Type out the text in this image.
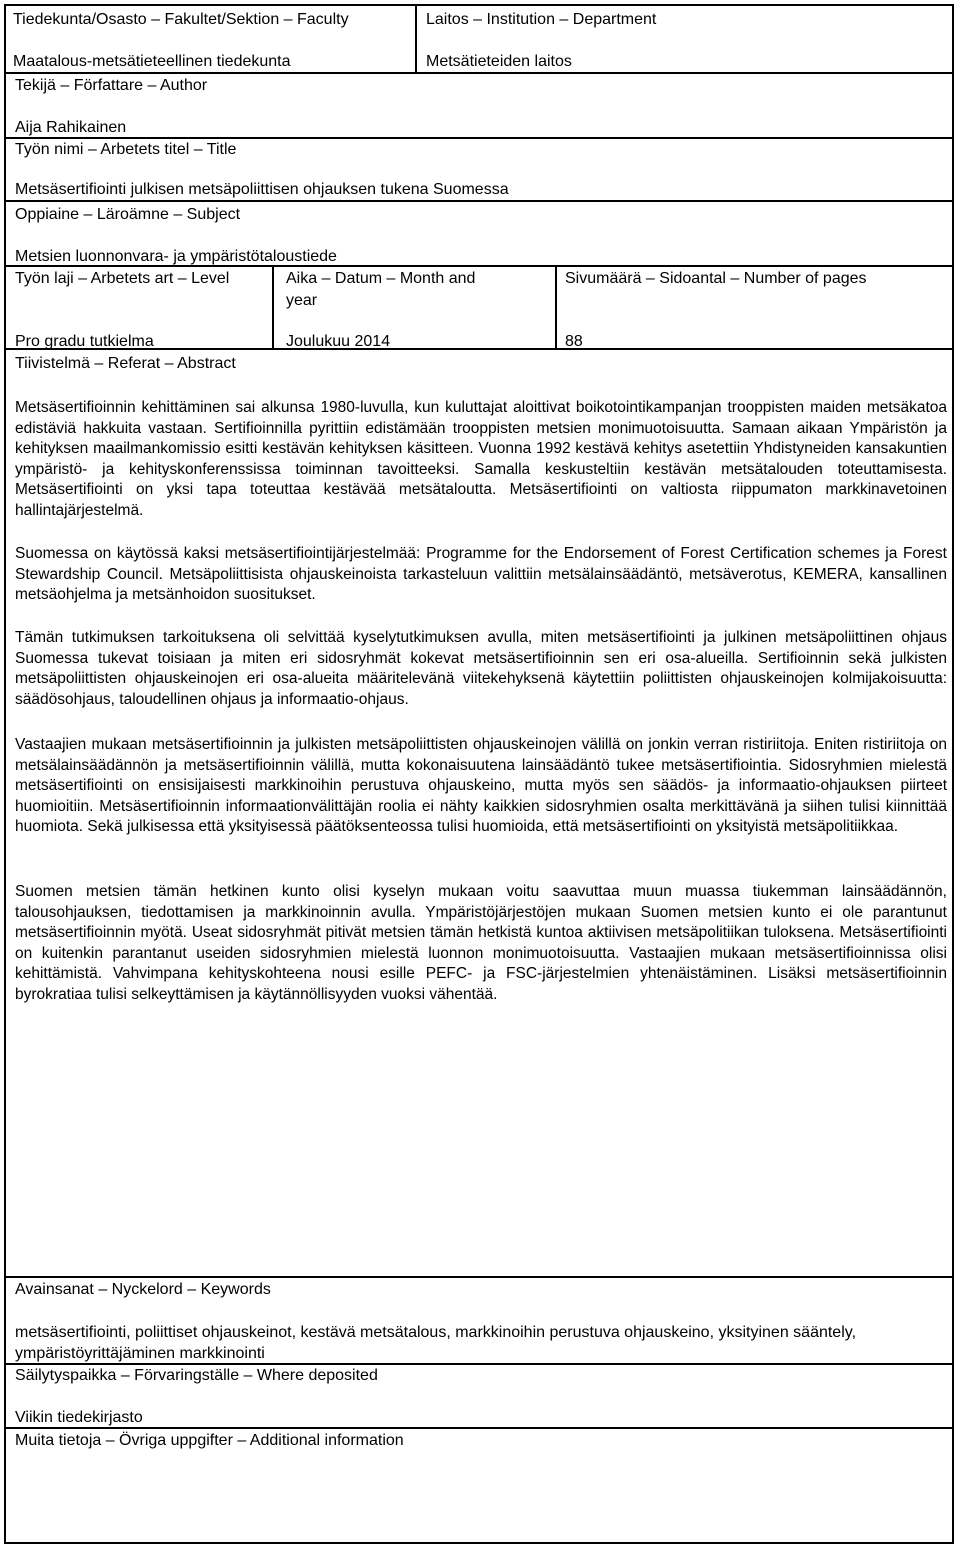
Tiedekunta/Osasto – Fakultet/Sektion – Faculty
Maatalous-metsätieteellinen tiedekunta
Laitos – Institution – Department
Metsätieteiden laitos
Tekijä – Författare – Author
Aija Rahikainen
Työn nimi – Arbetets titel – Title
Metsäsertifiointi julkisen metsäpoliittisen ohjauksen tukena Suomessa
Oppiaine – Läroämne – Subject
Metsien luonnonvara- ja ympäristötaloustiede
Työn laji – Arbetets art – Level
Pro gradu tutkielma
Aika – Datum – Month and
year
Joulukuu 2014
Sivumäärä – Sidoantal – Number of pages
88
Tiivistelmä – Referat – Abstract
Metsäsertifioinnin kehittäminen sai alkunsa 1980-luvulla, kun kuluttajat aloittivat boikotointikampanjan trooppisten maiden metsäkatoa edistäviä hakkuita vastaan. Sertifioinnilla pyrittiin edistämään trooppisten metsien monimuotoisuutta. Samaan aikaan Ympäristön ja kehityksen maailmankomissio esitti kestävän kehityksen käsitteen. Vuonna 1992 kestävä kehitys asetettiin Yhdistyneiden kansakuntien ympäristö- ja kehityskonferenssissa toiminnan tavoitteeksi. Samalla keskusteltiin kestävän metsätalouden toteuttamisesta. Metsäsertifiointi on yksi tapa toteuttaa kestävää metsätaloutta. Metsäsertifiointi on valtiosta riippumaton markkinavetoinen hallintajärjestelmä.
Suomessa on käytössä kaksi metsäsertifiointijärjestelmää: Programme for the Endorsement of Forest Certification schemes ja Forest Stewardship Council. Metsäpoliittisista ohjauskeinoista tarkasteluun valittiin metsälainsäädäntö, metsäverotus, KEMERA, kansallinen metsäohjelma ja metsänhoidon suositukset.
Tämän tutkimuksen tarkoituksena oli selvittää kyselytutkimuksen avulla, miten metsäsertifiointi ja julkinen metsäpoliittinen ohjaus Suomessa tukevat toisiaan ja miten eri sidosryhmät kokevat metsäsertifioinnin sen eri osa-alueilla. Sertifioinnin sekä julkisten metsäpoliittisten ohjauskeinojen eri osa-alueita määritelevänä viitekehyksenä käytettiin poliittisten ohjauskeinojen kolmijakoisuutta: säädösohjaus, taloudellinen ohjaus ja informaatio-ohjaus.
Vastaajien mukaan metsäsertifioinnin ja julkisten metsäpoliittisten ohjauskeinojen välillä on jonkin verran ristiriitoja. Eniten ristiriitoja on metsälainsäädännön ja metsäsertifioinnin välillä, mutta kokonaisuutena lainsäädäntö tukee metsäsertifiointia. Sidosryhmien mielestä metsäsertifiointi on ensisijaisesti markkinoihin perustuva ohjauskeino, mutta myös sen säädös- ja informaatio-ohjauksen piirteet huomioitiin. Metsäsertifioinnin informaationvälittäjän roolia ei nähty kaikkien sidosryhmien osalta merkittävänä ja siihen tulisi kiinnittää huomiota. Sekä julkisessa että yksityisessä päätöksenteossa tulisi huomioida, että metsäsertifiointi on yksityistä metsäpolitiikkaa.
Suomen metsien tämän hetkinen kunto olisi kyselyn mukaan voitu saavuttaa muun muassa tiukemman lainsäädännön, talousohjauksen, tiedottamisen ja markkinoinnin avulla. Ympäristöjärjestöjen mukaan Suomen metsien kunto ei ole parantunut metsäsertifioinnin myötä. Useat sidosryhmät pitivät metsien tämän hetkistä kuntoa aktiivisen metsäpolitiikan tuloksena. Metsäsertifiointi on kuitenkin parantanut useiden sidosryhmien mielestä luonnon monimuotoisuutta. Vastaajien mukaan metsäsertifioinnissa olisi kehittämistä. Vahvimpana kehityskohteena nousi esille PEFC- ja FSC-järjestelmien yhtenäistäminen. Lisäksi metsäsertifioinnin byrokratiaa tulisi selkeyttämisen ja käytännöllisyyden vuoksi vähentää.
Avainsanat – Nyckelord – Keywords
metsäsertifiointi, poliittiset ohjauskeinot, kestävä metsätalous, markkinoihin perustuva ohjauskeino, yksityinen sääntely, ympäristöyrittäjäminen markkinointi
Säilytyspaikka – Förvaringställe – Where deposited
Viikin tiedekirjasto
Muita tietoja – Övriga uppgifter – Additional information
